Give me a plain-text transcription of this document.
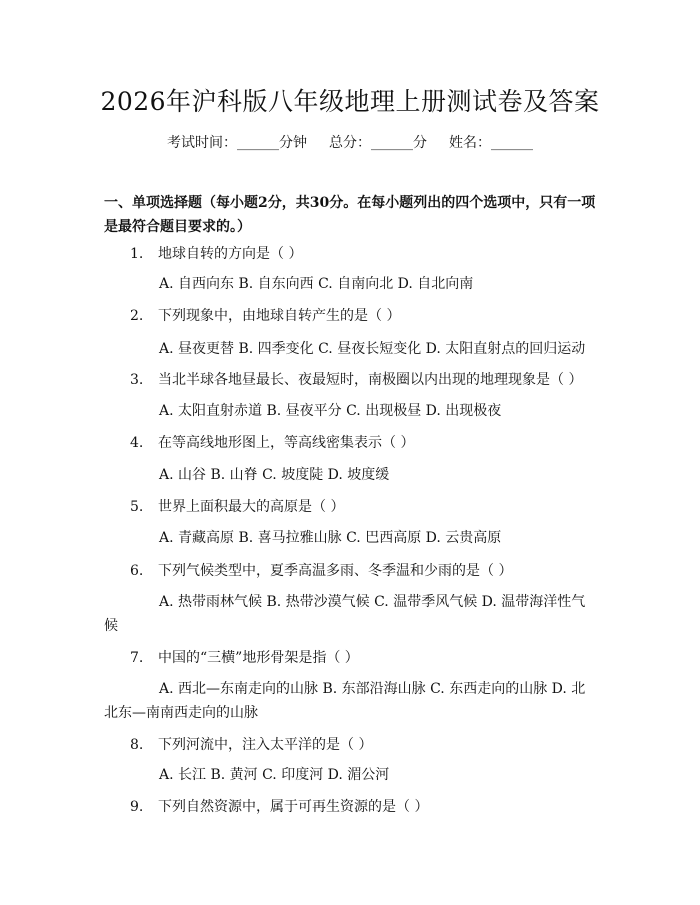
2026年沪科版八年级地理上册测试卷及答案
考试时间：______分钟 总分：______分 姓名：______
一、单项选择题（每小题2分，共30分。在每小题列出的四个选项中，只有一项是最符合题目要求的。）
1. 地球自转的方向是（ ）
A. 自西向东 B. 自东向西 C. 自南向北 D. 自北向南
2. 下列现象中，由地球自转产生的是（ ）
A. 昼夜更替 B. 四季变化 C. 昼夜长短变化 D. 太阳直射点的回归运动
3. 当北半球各地昼最长、夜最短时，南极圈以内出现的地理现象是（ ）
A. 太阳直射赤道 B. 昼夜平分 C. 出现极昼 D. 出现极夜
4. 在等高线地形图上，等高线密集表示（ ）
A. 山谷 B. 山脊 C. 坡度陡 D. 坡度缓
5. 世界上面积最大的高原是（ ）
A. 青藏高原 B. 喜马拉雅山脉 C. 巴西高原 D. 云贵高原
6. 下列气候类型中，夏季高温多雨、冬季温和少雨的是（ ）
A. 热带雨林气候 B. 热带沙漠气候 C. 温带季风气候 D. 温带海洋性气候
7. 中国的“三横”地形骨架是指（ ）
A. 西北—东南走向的山脉 B. 东部沿海山脉 C. 东西走向的山脉 D. 北北东—南南西走向的山脉
8. 下列河流中，注入太平洋的是（ ）
A. 长江 B. 黄河 C. 印度河 D. 湄公河
9. 下列自然资源中，属于可再生资源的是（ ）
